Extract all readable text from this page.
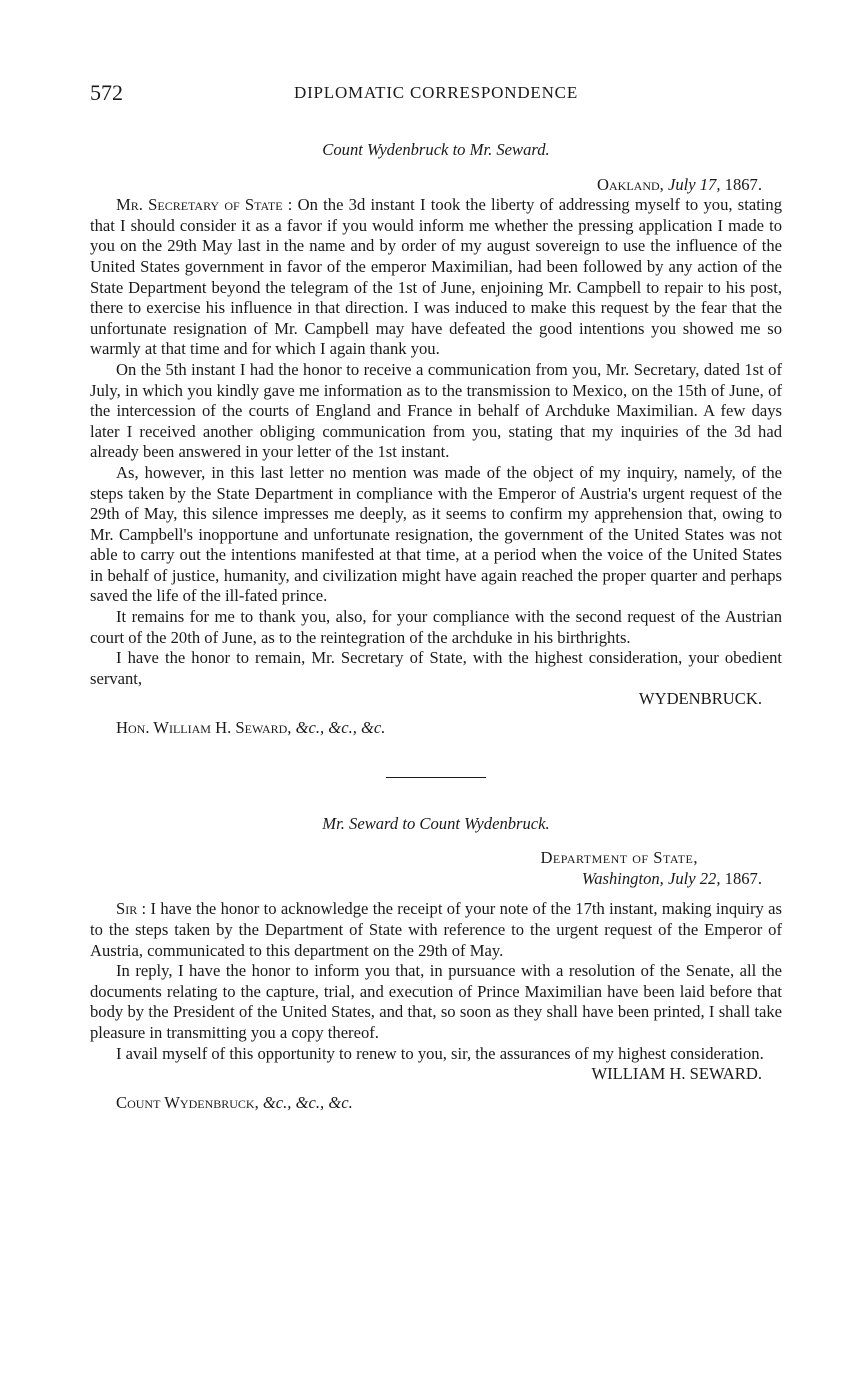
572	DIPLOMATIC CORRESPONDENCE

Count Wydenbruck to Mr. Seward.

Oakland, July 17, 1867.

Mr. Secretary of State : On the 3d instant I took the liberty of addressing myself to you, stating that I should consider it as a favor if you would inform me whether the pressing application I made to you on the 29th May last in the name and by order of my august sovereign to use the influence of the United States government in favor of the emperor Maximilian, had been followed by any action of the State Department beyond the telegram of the 1st of June, enjoining Mr. Campbell to repair to his post, there to exercise his influence in that direction. I was induced to make this request by the fear that the unfortunate resignation of Mr. Campbell may have defeated the good intentions you showed me so warmly at that time and for which I again thank you.

On the 5th instant I had the honor to receive a communication from you, Mr. Secretary, dated 1st of July, in which you kindly gave me information as to the transmission to Mexico, on the 15th of June, of the intercession of the courts of England and France in behalf of Archduke Maximilian. A few days later I received another obliging communication from you, stating that my inquiries of the 3d had already been answered in your letter of the 1st instant.

As, however, in this last letter no mention was made of the object of my inquiry, namely, of the steps taken by the State Department in compliance with the Emperor of Austria's urgent request of the 29th of May, this silence impresses me deeply, as it seems to confirm my apprehension that, owing to Mr. Campbell's inopportune and unfortunate resignation, the government of the United States was not able to carry out the intentions manifested at that time, at a period when the voice of the United States in behalf of justice, humanity, and civilization might have again reached the proper quarter and perhaps saved the life of the ill-fated prince.

It remains for me to thank you, also, for your compliance with the second request of the Austrian court of the 20th of June, as to the reintegration of the archduke in his birthrights.

I have the honor to remain, Mr. Secretary of State, with the highest consideration, your obedient servant,

WYDENBRUCK.

Hon. William H. Seward, &c., &c., &c.

Mr. Seward to Count Wydenbruck.

Department of State,

Washington, July 22, 1867.

Sir : I have the honor to acknowledge the receipt of your note of the 17th instant, making inquiry as to the steps taken by the Department of State with reference to the urgent request of the Emperor of Austria, communicated to this department on the 29th of May.

In reply, I have the honor to inform you that, in pursuance with a resolution of the Senate, all the documents relating to the capture, trial, and execution of Prince Maximilian have been laid before that body by the President of the United States, and that, so soon as they shall have been printed, I shall take pleasure in transmitting you a copy thereof.

I avail myself of this opportunity to renew to you, sir, the assurances of my highest consideration.

WILLIAM H. SEWARD.

Count Wydenbruck, &c., &c., &c.
